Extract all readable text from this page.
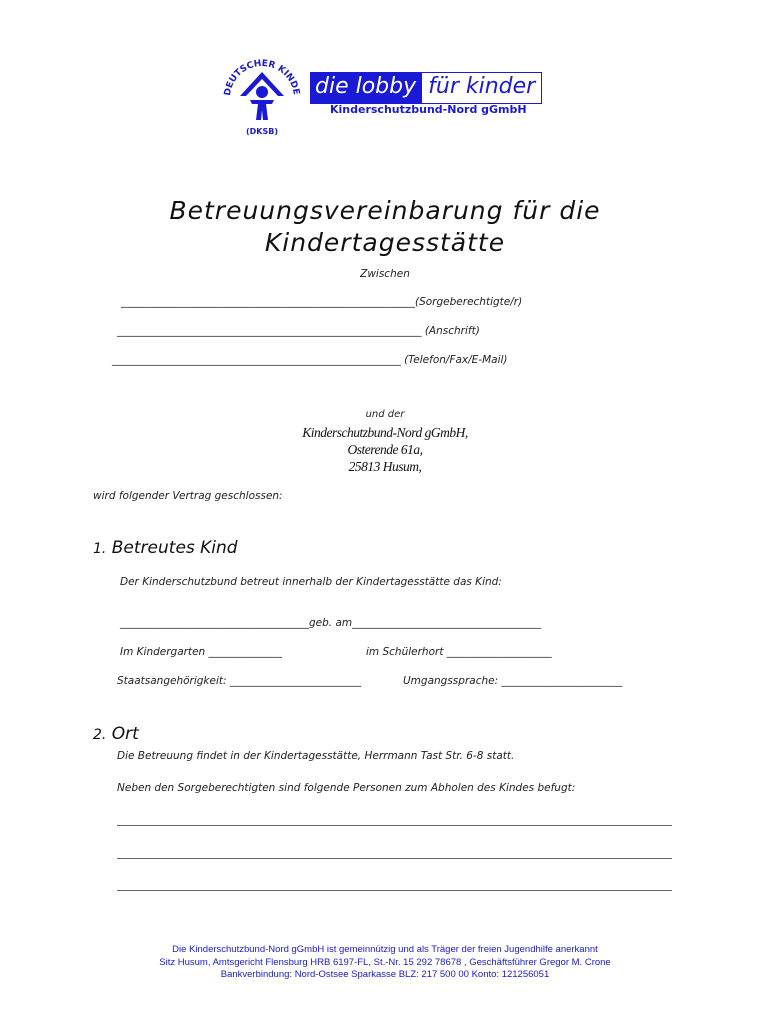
DEUTSCHER KINDE
(DKSB)
die lobby für kinder
Kinderschutzbund-Nord gGmbH
Betreuungsvereinbarung für die
Kindertagesstätte
Zwischen
________________________________________________________(Sorgeberechtigte/r)
__________________________________________________________ (Anschrift)
_______________________________________________________ (Telefon/Fax/E-Mail)
und der
Kinderschutzbund-Nord gGmbH,
Osterende 61a,
25813 Husum,
wird folgender Vertrag geschlossen:
1. Betreutes Kind
Der Kinderschutzbund betreut innerhalb der Kindertagesstätte das Kind:
____________________________________geb. am____________________________________
Im Kindergarten ______________	im Schülerhort ____________________
Staatsangehörigkeit: _________________________	Umgangssprache: _______________________
2. Ort
Die Betreuung findet in der Kindertagesstätte, Herrmann Tast Str. 6-8 statt.
Neben den Sorgeberechtigten sind folgende Personen zum Abholen des Kindes befugt:
Die Kinderschutzbund-Nord gGmbH ist gemeinnützig und als Träger der freien Jugendhilfe anerkannt
Sitz Husum, Amtsgericht Flensburg HRB 6197-FL, St.-Nr. 15 292 78678 , Geschäftsführer Gregor M. Crone
Bankverbindung: Nord-Ostsee Sparkasse BLZ: 217 500 00 Konto: 121256051
